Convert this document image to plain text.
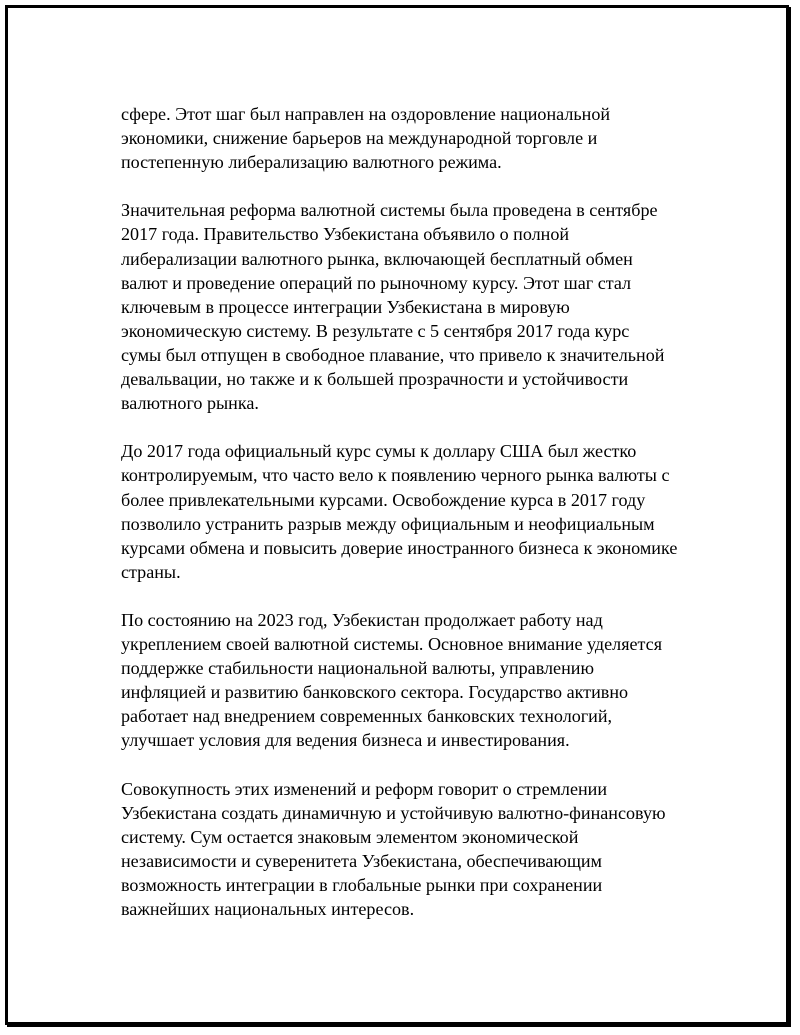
сфере. Этот шаг был направлен на оздоровление национальной
экономики, снижение барьеров на международной торговле и
постепенную либерализацию валютного режима.

Значительная реформа валютной системы была проведена в сентябре
2017 года. Правительство Узбекистана объявило о полной
либерализации валютного рынка, включающей бесплатный обмен
валют и проведение операций по рыночному курсу. Этот шаг стал
ключевым в процессе интеграции Узбекистана в мировую
экономическую систему. В результате с 5 сентября 2017 года курс
сумы был отпущен в свободное плавание, что привело к значительной
девальвации, но также и к большей прозрачности и устойчивости
валютного рынка.

До 2017 года официальный курс сумы к доллару США был жестко
контролируемым, что часто вело к появлению черного рынка валюты с
более привлекательными курсами. Освобождение курса в 2017 году
позволило устранить разрыв между официальным и неофициальным
курсами обмена и повысить доверие иностранного бизнеса к экономике
страны.

По состоянию на 2023 год, Узбекистан продолжает работу над
укреплением своей валютной системы. Основное внимание уделяется
поддержке стабильности национальной валюты, управлению
инфляцией и развитию банковского сектора. Государство активно
работает над внедрением современных банковских технологий,
улучшает условия для ведения бизнеса и инвестирования.

Совокупность этих изменений и реформ говорит о стремлении
Узбекистана создать динамичную и устойчивую валютно-финансовую
систему. Сум остается знаковым элементом экономической
независимости и суверенитета Узбекистана, обеспечивающим
возможность интеграции в глобальные рынки при сохранении
важнейших национальных интересов.
